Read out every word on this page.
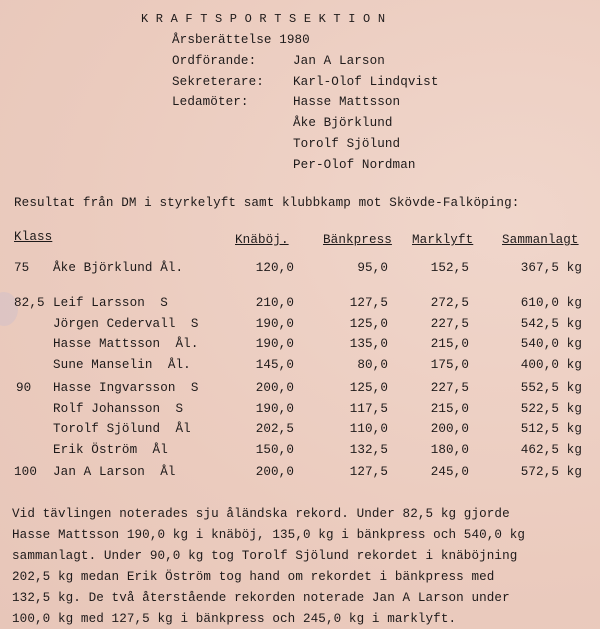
KRAFTSPORTSEKTION
Årsberättelse 1980
Ordförande:	Jan A Larson
Sekreterare: Karl-Olof Lindqvist
Ledamöter:	Hasse Mattsson
Åke Björklund
Torolf Sjölund
Per-Olof Nordman
Resultat från DM i styrkelyft samt klubbkamp mot Skövde-Falköping:
Klass	Knäböj.	Bänkpress Marklyft Sammanlagt
75 Åke Björklund Ål.	120,0	95,0	152,5	367,5 kg
82,5 Leif Larsson  S	210,0	127,5	272,5	610,0 kg
Jörgen Cedervall  S	190,0	125,0	227,5	542,5 kg
Hasse Mattsson  Ål.	190,0	135,0	215,0	540,0 kg
Sune Manselin  Ål.	145,0	80,0	175,0	400,0 kg
90 Hasse Ingvarsson  S	200,0	125,0	227,5	552,5 kg
Rolf Johansson  S	190,0	117,5	215,0	522,5 kg
Torolf Sjölund  Ål	202,5	110,0	200,0	512,5 kg
Erik Öström  Ål	150,0	132,5	180,0	462,5 kg
100 Jan A Larson  Ål	200,0	127,5	245,0	572,5 kg
Vid tävlingen noterades sju åländska rekord. Under 82,5 kg gjorde
Hasse Mattsson 190,0 kg i knäböj, 135,0 kg i bänkpress och 540,0 kg
sammanlagt. Under 90,0 kg tog Torolf Sjölund rekordet i knäböjning
202,5 kg medan Erik Öström tog hand om rekordet i bänkpress med
132,5 kg. De två återstående rekorden noterade Jan A Larson under
100,0 kg med 127,5 kg i bänkpress och 245,0 kg i marklyft.
